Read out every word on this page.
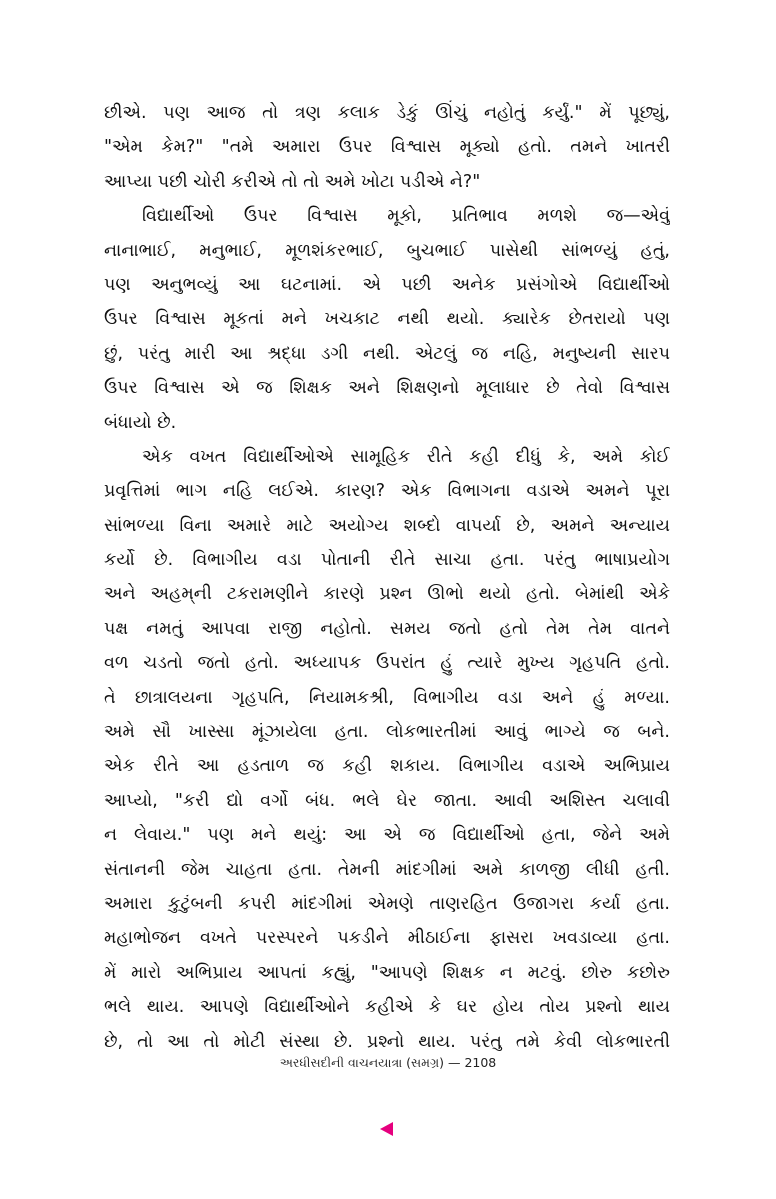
છીએ. પણ આજ તો ત્રણ કલાક ડેકું ઊંચું નહોતું કર્યું." મેં પૂછ્યું,
"એમ કેમ?" "તમે અમારા ઉપર વિશ્વાસ મૂક્યો હતો. તમને ખાતરી
આપ્યા પછી ચોરી કરીએ તો તો અમે ખોટા પડીએ ને?"
વિદ્યાર્થીઓ ઉપર વિશ્વાસ મૂકો, પ્રતિભાવ મળશે જ—એવું
નાનાભાઈ, મનુભાઈ, મૂળશંકરભાઈ, બુચભાઈ પાસેથી સાંભળ્યું હતું,
પણ અનુભવ્યું આ ઘટનામાં. એ પછી અનેક પ્રસંગોએ વિદ્યાર્થીઓ
ઉપર વિશ્વાસ મૂકતાં મને ખચકાટ નથી થયો. ક્યારેક છેતરાયો પણ
છું, પરંતુ મારી આ શ્રદ્ધા ડગી નથી. એટલું જ નહિ, મનુષ્યની સારપ
ઉપર વિશ્વાસ એ જ શિક્ષક અને શિક્ષણનો મૂલાધાર છે તેવો વિશ્વાસ
બંધાયો છે.
એક વખત વિદ્યાર્થીઓએ સામૂહિક રીતે કહી દીધું કે, અમે કોઈ
પ્રવૃત્તિમાં ભાગ નહિ લઈએ. કારણ? એક વિભાગના વડાએ અમને પૂરા
સાંભળ્યા વિના અમારે માટે અયોગ્ય શબ્દો વાપર્યા છે, અમને અન્યાય
કર્યો છે. વિભાગીય વડા પોતાની રીતે સાચા હતા. પરંતુ ભાષાપ્રયોગ
અને અહમ્‌ની ટકરામણીને કારણે પ્રશ્ન ઊભો થયો હતો. બેમાંથી એકે
પક્ષ નમતું આપવા રાજી નહોતો. સમય જતો હતો તેમ તેમ વાતને
વળ ચડતો જતો હતો. અધ્યાપક ઉપરાંત હું ત્યારે મુખ્ય ગૃહપતિ હતો.
તે છાત્રાલયના ગૃહપતિ, નિયામકશ્રી, વિભાગીય વડા અને હું મળ્યા.
અમે સૌ ખાસ્સા મૂંઝાયેલા હતા. લોકભારતીમાં આવું ભાગ્યે જ બને.
એક રીતે આ હડતાળ જ કહી શકાય. વિભાગીય વડાએ અભિપ્રાય
આપ્યો, "કરી દ્યો વર્ગો બંધ. ભલે ઘેર જાતા. આવી અશિસ્ત ચલાવી
ન લેવાય." પણ મને થયું: આ એ જ વિદ્યાર્થીઓ હતા, જેને અમે
સંતાનની જેમ ચાહતા હતા. તેમની માંદગીમાં અમે કાળજી લીધી હતી.
અમારા કુટુંબની કપરી માંદગીમાં એમણે તાણરહિત ઉજાગરા કર્યા હતા.
મહાભોજન વખતે પરસ્પરને પકડીને મીઠાઈના ફાસરા ખવડાવ્યા હતા.
મેં મારો અભિપ્રાય આપતાં કહ્યું, "આપણે શિક્ષક ન મટવું. છોરુ કછોરુ
ભલે થાય. આપણે વિદ્યાર્થીઓને કહીએ કે ઘર હોય તોય પ્રશ્નો થાય
છે, તો આ તો મોટી સંસ્થા છે. પ્રશ્નો થાય. પરંતુ તમે કેવી લોકભારતી
અરધીસદીની વાચનયાત્રા (સમગ્ર) — 2108
